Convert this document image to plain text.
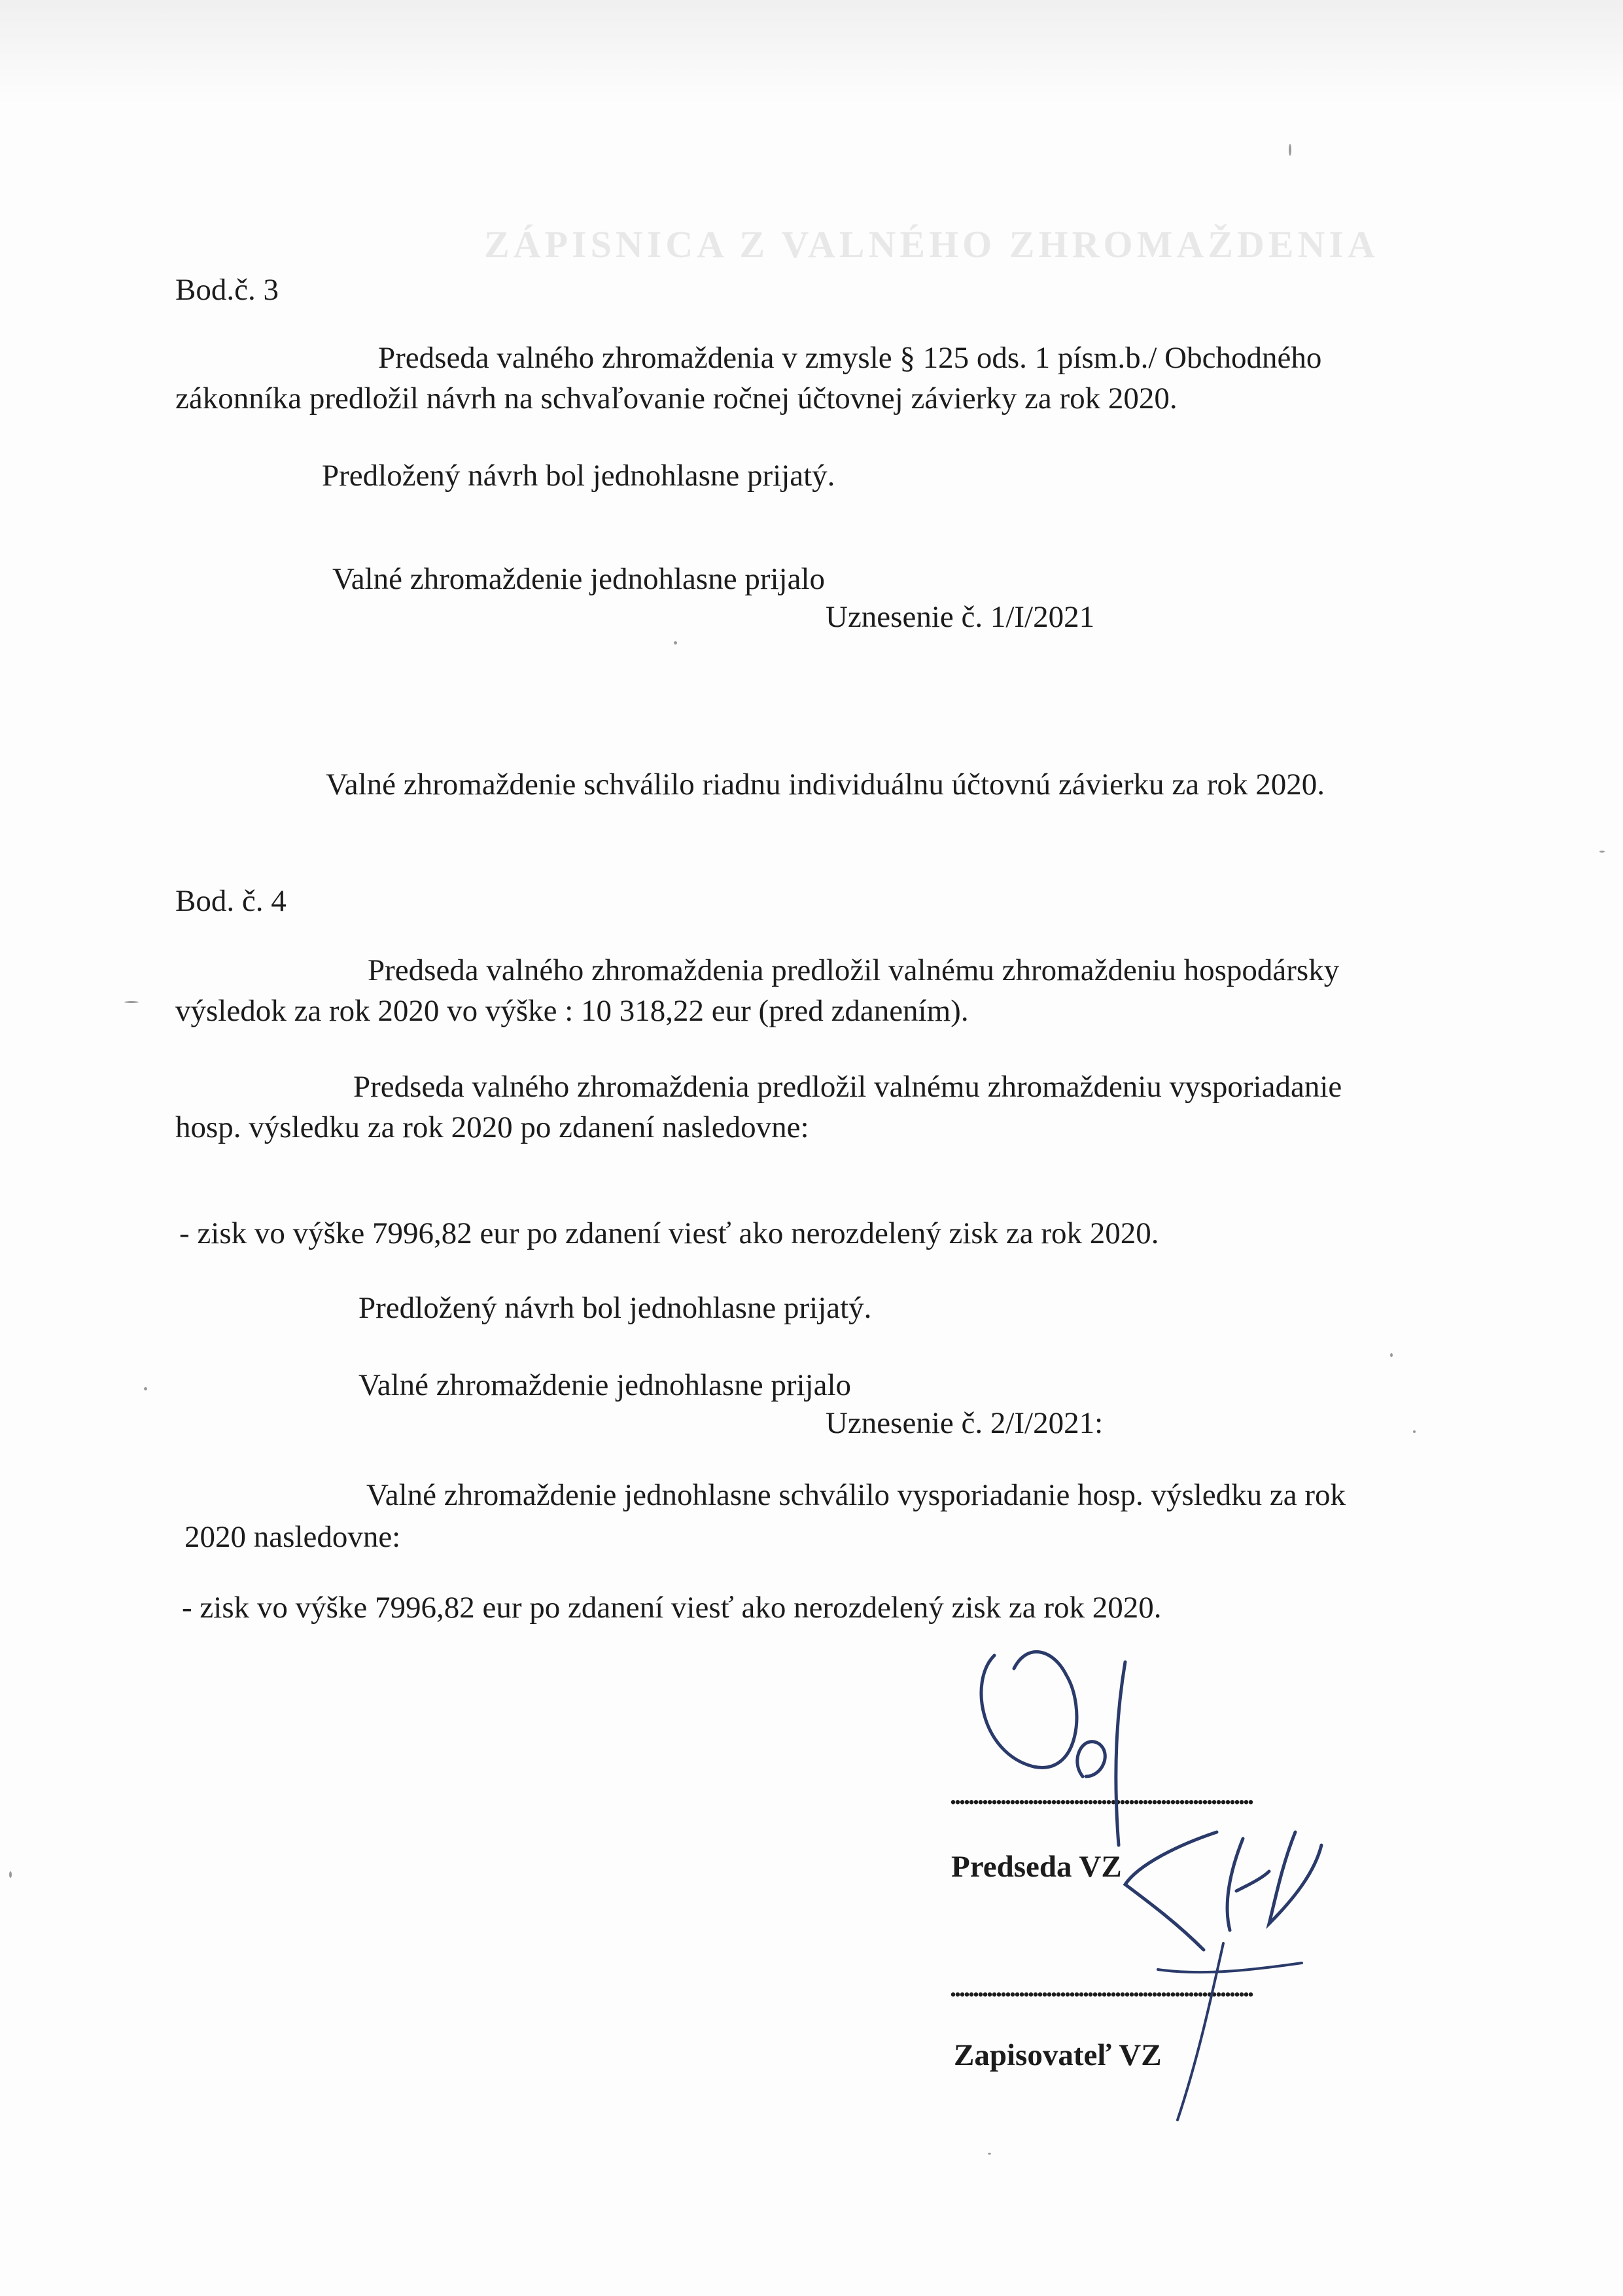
ZÁPISNICA Z VALNÉHO ZHROMAŽDENIA
Bod.č. 3
Predseda valného zhromaždenia v zmysle § 125 ods. 1 písm.b./ Obchodného
zákonníka predložil návrh na schvaľovanie ročnej účtovnej závierky za rok 2020.
Predložený návrh bol jednohlasne prijatý.
Valné zhromaždenie jednohlasne prijalo
Uznesenie č. 1/I/2021
Valné zhromaždenie schválilo riadnu individuálnu účtovnú závierku za rok 2020.
Bod. č. 4
Predseda valného zhromaždenia predložil valnému zhromaždeniu hospodársky
výsledok za rok 2020 vo výške : 10 318,22 eur (pred zdanením).
Predseda valného zhromaždenia predložil valnému zhromaždeniu vysporiadanie
hosp. výsledku za rok 2020 po zdanení nasledovne:
- zisk vo výške 7996,82 eur po zdanení viesť ako nerozdelený zisk za rok 2020.
Predložený návrh bol jednohlasne prijatý.
Valné zhromaždenie jednohlasne prijalo
Uznesenie č. 2/I/2021:
Valné zhromaždenie jednohlasne schválilo vysporiadanie hosp. výsledku za rok
2020 nasledovne:
- zisk vo výške 7996,82 eur po zdanení viesť ako nerozdelený zisk za rok 2020.
..................................................................
Predseda VZ
..................................................................
Zapisovateľ VZ
